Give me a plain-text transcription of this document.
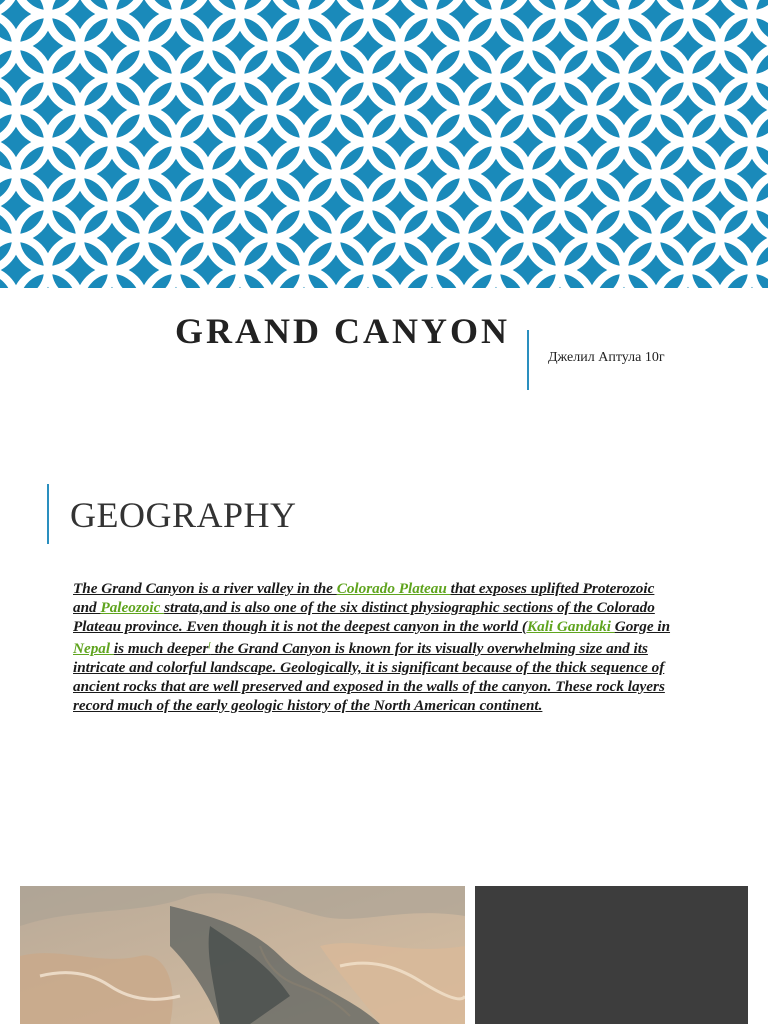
GRAND CANYON
Джелил Аптула 10г
GEOGRAPHY
The Grand Canyon is a river valley in the Colorado Plateau that exposes uplifted Proterozoic and Paleozoic strata,and is also one of the six distinct physiographic sections of the Colorado Plateau province. Even though it is not the deepest canyon in the world (Kali Gandaki Gorge in Nepal is much deeper[​ the Grand Canyon is known for its visually overwhelming size and its intricate and colorful landscape. Geologically, it is significant because of the thick sequence of ancient rocks that are well preserved and exposed in the walls of the canyon. These rock layers record much of the early geologic history of the North American continent.
